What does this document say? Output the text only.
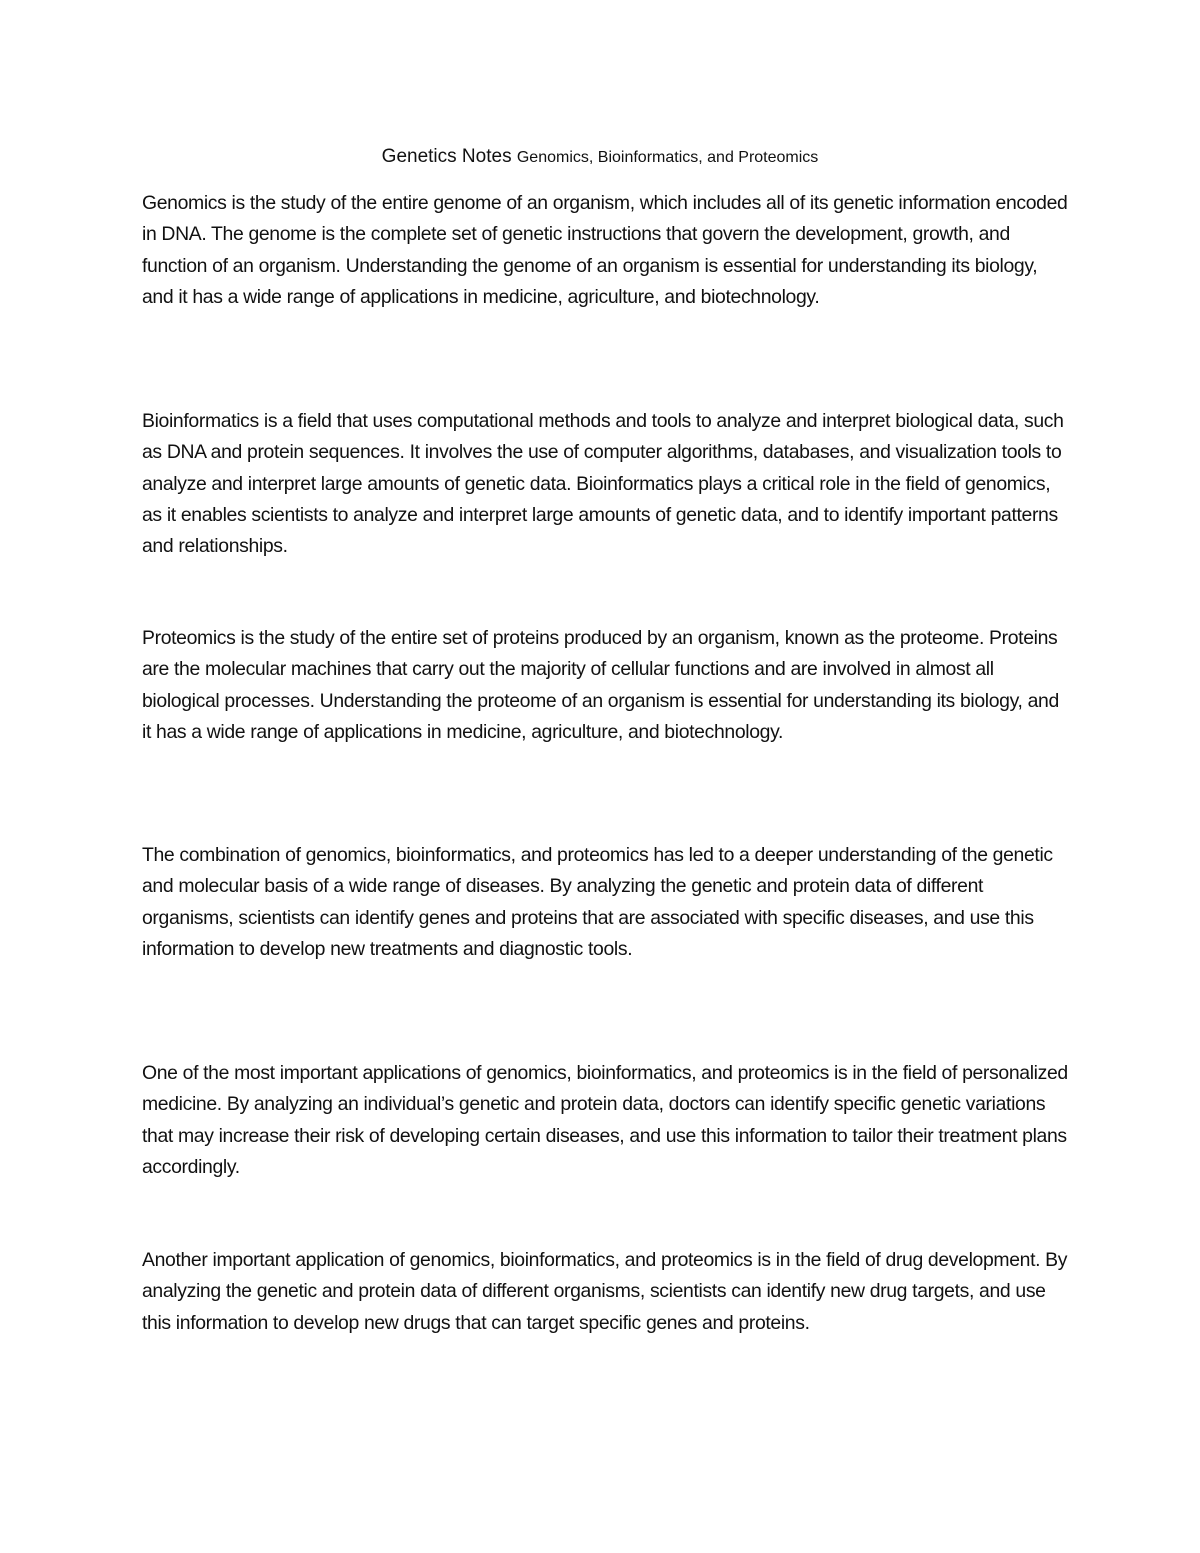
Genetics Notes Genomics, Bioinformatics, and Proteomics

Genomics is the study of the entire genome of an organism, which includes all of its genetic information encoded in DNA. The genome is the complete set of genetic instructions that govern the development, growth, and function of an organism. Understanding the genome of an organism is essential for understanding its biology, and it has a wide range of applications in medicine, agriculture, and biotechnology.

Bioinformatics is a field that uses computational methods and tools to analyze and interpret biological data, such as DNA and protein sequences. It involves the use of computer algorithms, databases, and visualization tools to analyze and interpret large amounts of genetic data. Bioinformatics plays a critical role in the field of genomics, as it enables scientists to analyze and interpret large amounts of genetic data, and to identify important patterns and relationships.

Proteomics is the study of the entire set of proteins produced by an organism, known as the proteome. Proteins are the molecular machines that carry out the majority of cellular functions and are involved in almost all biological processes. Understanding the proteome of an organism is essential for understanding its biology, and it has a wide range of applications in medicine, agriculture, and biotechnology.

The combination of genomics, bioinformatics, and proteomics has led to a deeper understanding of the genetic and molecular basis of a wide range of diseases. By analyzing the genetic and protein data of different organisms, scientists can identify genes and proteins that are associated with specific diseases, and use this information to develop new treatments and diagnostic tools.

One of the most important applications of genomics, bioinformatics, and proteomics is in the field of personalized medicine. By analyzing an individual’s genetic and protein data, doctors can identify specific genetic variations that may increase their risk of developing certain diseases, and use this information to tailor their treatment plans accordingly.

Another important application of genomics, bioinformatics, and proteomics is in the field of drug development. By analyzing the genetic and protein data of different organisms, scientists can identify new drug targets, and use this information to develop new drugs that can target specific genes and proteins.
